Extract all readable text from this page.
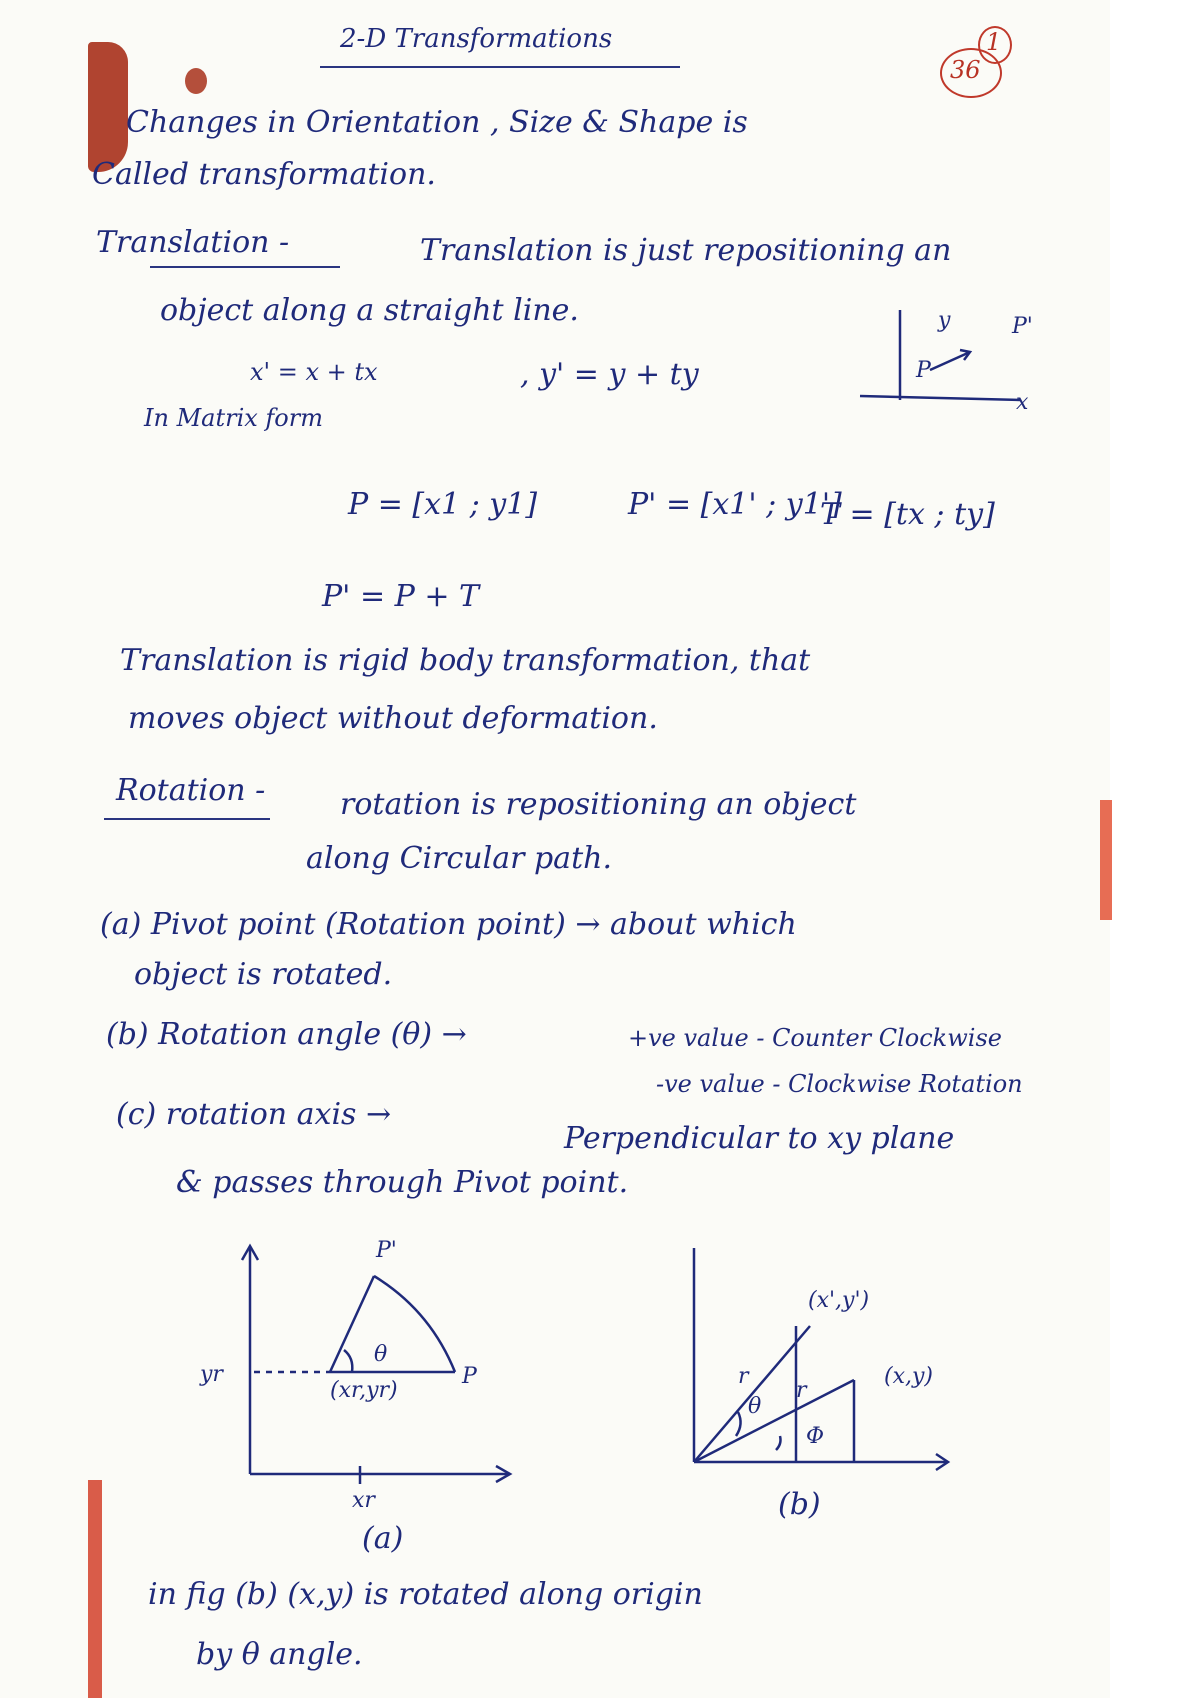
2-D Transformations
36
1
Changes in Orientation , Size & Shape is
Called transformation.
Translation -	Translation is just repositioning an
object along a straight line.
x' = x + tx	, y' = y + ty
In Matrix form
y
x
P
P'
P = [x1 ; y1]	P' = [x1' ; y1']
T = [tx ; ty]
P' = P + T
Translation is rigid body transformation, that
moves object without deformation.
Rotation - rotation is repositioning an object
along Circular path.
(a) Pivot point (Rotation point) → about which
object is rotated.
(b) Rotation angle (θ) →	+ve value - Counter Clockwise
-ve value - Clockwise Rotation
(c) rotation axis →
Perpendicular to xy plane
& passes through Pivot point.
yr
xr
(xr,yr)
P
P'
θ
(a)
(x',y')
(x,y)
r
r
θ
Φ
(b)
in fig (b) (x,y) is rotated along origin
by θ angle.
